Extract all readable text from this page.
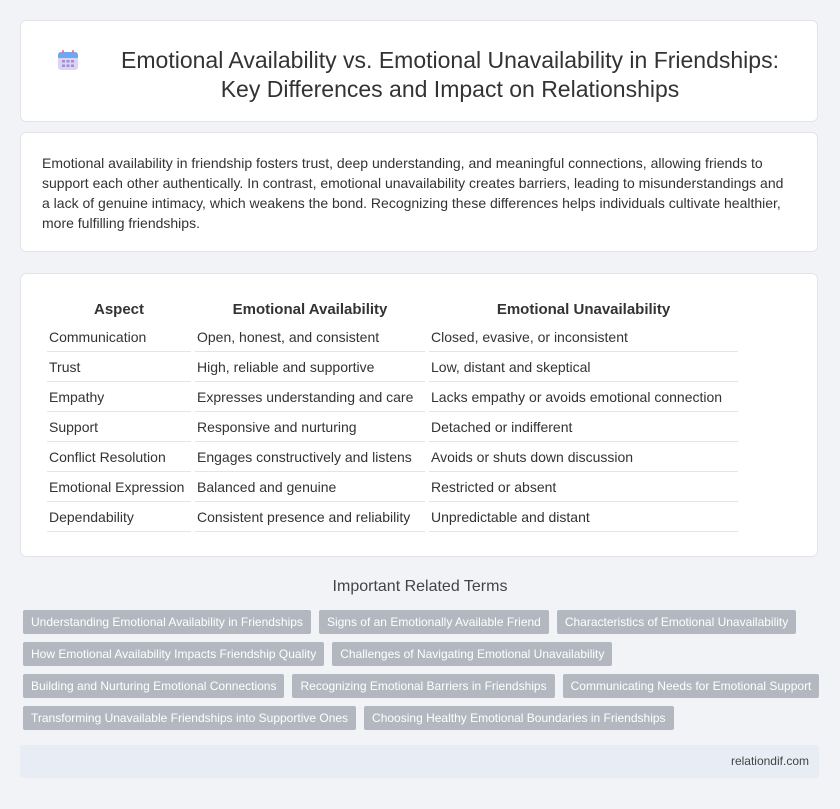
Emotional Availability vs. Emotional Unavailability in Friendships: Key Differences and Impact on Relationships

Emotional availability in friendship fosters trust, deep understanding, and meaningful connections, allowing friends to support each other authentically. In contrast, emotional unavailability creates barriers, leading to misunderstandings and a lack of genuine intimacy, which weakens the bond. Recognizing these differences helps individuals cultivate healthier, more fulfilling friendships.

Aspect	Emotional Availability	Emotional Unavailability
Communication	Open, honest, and consistent	Closed, evasive, or inconsistent
Trust	High, reliable and supportive	Low, distant and skeptical
Empathy	Expresses understanding and care	Lacks empathy or avoids emotional connection
Support	Responsive and nurturing	Detached or indifferent
Conflict Resolution	Engages constructively and listens	Avoids or shuts down discussion
Emotional Expression	Balanced and genuine	Restricted or absent
Dependability	Consistent presence and reliability	Unpredictable and distant
Important Related Terms
Understanding Emotional Availability in Friendships	Signs of an Emotionally Available Friend	Characteristics of Emotional Unavailability
How Emotional Availability Impacts Friendship Quality	Challenges of Navigating Emotional Unavailability
Building and Nurturing Emotional Connections	Recognizing Emotional Barriers in Friendships	Communicating Needs for Emotional Support
Transforming Unavailable Friendships into Supportive Ones	Choosing Healthy Emotional Boundaries in Friendships
relationdif.com
